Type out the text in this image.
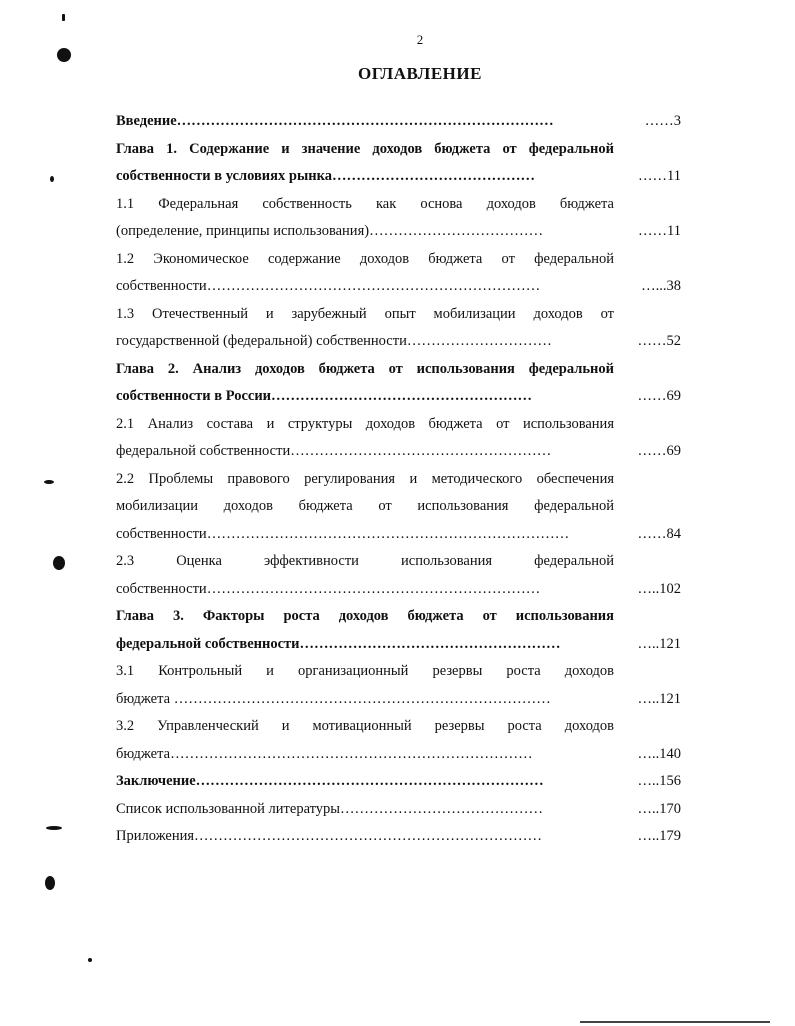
2
ОГЛАВЛЕНИЕ
Введение……………………………………………………………………	……3
Глава 1. Содержание и значение доходов бюджета от федеральной
собственности в условиях рынка……………………………………	……11
1.1 Федеральная собственность как основа доходов бюджета
(определение, принципы использования)………………………………	……11
1.2 Экономическое содержание доходов бюджета от федеральной
собственности……………………………………………………………	…...38
1.3 Отечественный и зарубежный опыт мобилизации доходов от
государственной (федеральной) собственности…………………………	……52
Глава 2. Анализ доходов бюджета от использования федеральной
собственности в России………………………………………………	……69
2.1 Анализ состава и структуры доходов бюджета от использования
федеральной собственности………………………………………………	……69
2.2 Проблемы правового регулирования и методического обеспечения
мобилизации доходов бюджета от использования федеральной
собственности…………………………………………………………………	……84
2.3 Оценка эффективности использования федеральной
собственности……………………………………………………………	…..102
Глава 3. Факторы роста доходов бюджета от использования
федеральной собственности………………………………………………	…..121
3.1 Контрольный и организационный резервы роста доходов
бюджета ……………………………………………………………………	…..121
3.2 Управленческий и мотивационный резервы роста доходов
бюджета…………………………………………………………………	…..140
Заключение………………………………………………………………	…..156
Список использованной литературы……………………………………	…..170
Приложения………………………………………………………………	…..179
